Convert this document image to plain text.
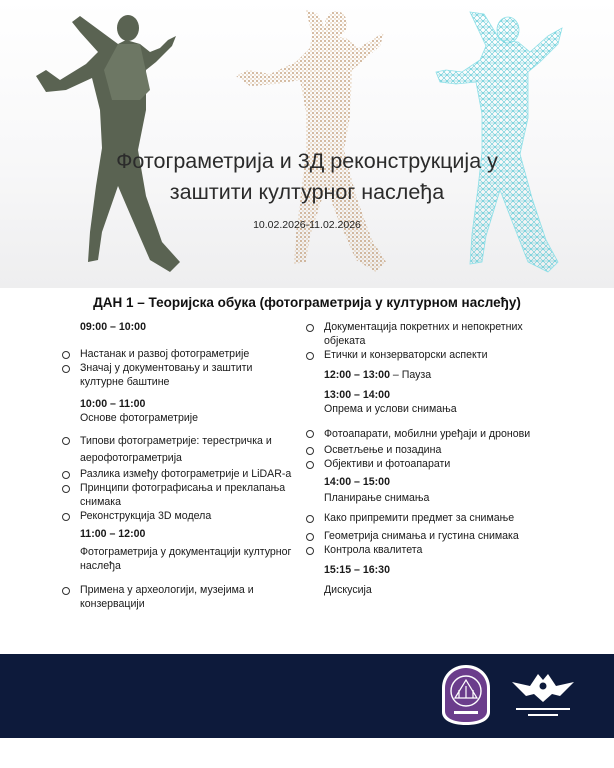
Фотограметрија и 3Д реконструкција у
заштити културног наслеђа
10.02.2026-11.02.2026
ДАН 1 – Теоријска обука (фотограметрија у културном наслеђу)
09:00 – 10:00
Настанак и развој фотограметрије
Значај у документовању и заштити културне баштине
10:00 – 11:00
Основе фотограметрије
Типови фотограметрије: терестричка и аерофотограметрија
Разлика између фотограметрије и LiDAR-а
Принципи фотографисања и преклапања снимака
Реконструкција 3D модела
11:00 – 12:00
Фотограметрија у документацији културног наслеђа
Примена у археологији, музејима и конзервацији
Документација покретних и непокретних објеката
Етички и конзерваторски аспекти
12:00 – 13:00 – Пауза
13:00 – 14:00
Опрема и услови снимања
Фотоапарати, мобилни уређаји и дронови
Осветљење и позадина
Објективи и фотоапарати
14:00 – 15:00
Планирање снимања
Како припремити предмет за снимање
Геометрија снимања и густина снимака
Контрола квалитета
15:15 – 16:30
Дискусија
